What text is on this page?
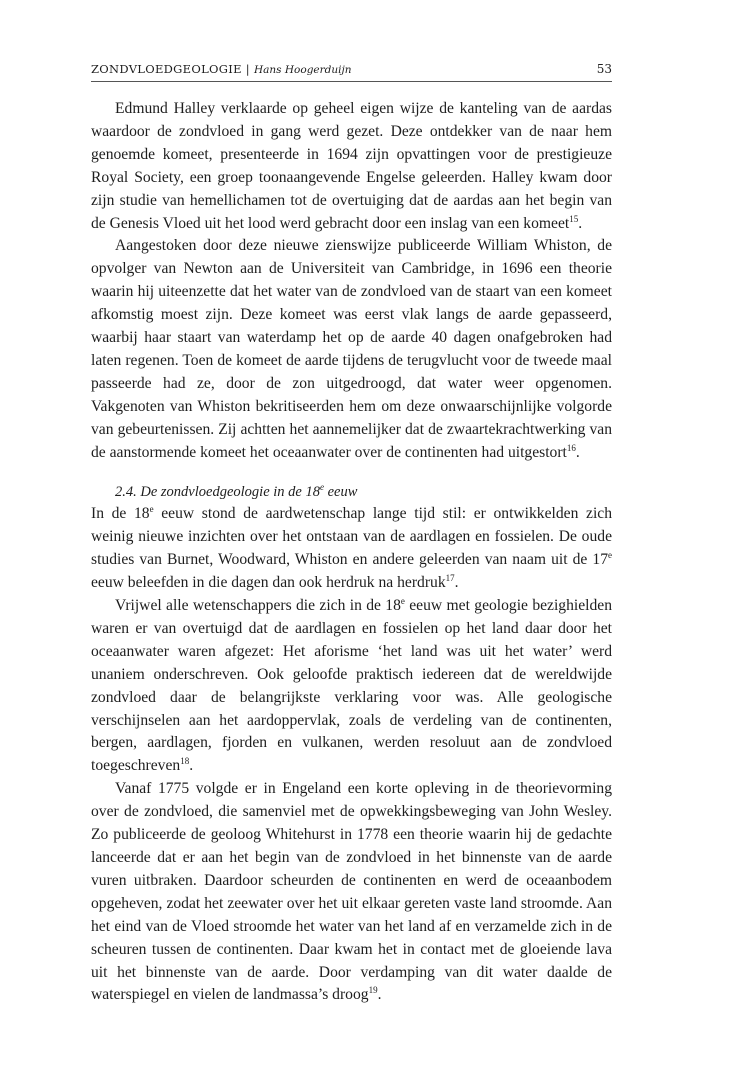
ZONDVLOEDGEOLOGIE | Hans Hoogerduijn	53

Edmund Halley verklaarde op geheel eigen wijze de kanteling van de aardas waardoor de zondvloed in gang werd gezet. Deze ontdekker van de naar hem genoemde komeet, presenteerde in 1694 zijn opvattingen voor de prestigieuze Royal Society, een groep toonaangevende Engelse geleerden. Halley kwam door zijn studie van hemellichamen tot de overtuiging dat de aardas aan het begin van de Genesis Vloed uit het lood werd gebracht door een inslag van een komeet$^{15}$.

Aangestoken door deze nieuwe zienswijze publiceerde William Whiston, de opvolger van Newton aan de Universiteit van Cambridge, in 1696 een theorie waarin hij uiteenzette dat het water van de zondvloed van de staart van een komeet afkomstig moest zijn. Deze komeet was eerst vlak langs de aarde gepasseerd, waarbij haar staart van waterdamp het op de aarde 40 dagen onafgebroken had laten regenen. Toen de komeet de aarde tijdens de terugvlucht voor de tweede maal passeerde had ze, door de zon uitgedroogd, dat water weer opgenomen. Vakgenoten van Whiston bekritiseerden hem om deze onwaarschijnlijke volgorde van gebeurtenissen. Zij achtten het aannemelijker dat de zwaartekrachtwerking van de aanstormende komeet het oceaanwater over de continenten had uitgestort$^{16}$.

2.4. De zondvloedgeologie in de 18e eeuw

In de 18e eeuw stond de aardwetenschap lange tijd stil: er ontwikkelden zich weinig nieuwe inzichten over het ontstaan van de aardlagen en fossielen. De oude studies van Burnet, Woodward, Whiston en andere geleerden van naam uit de 17e eeuw beleefden in die dagen dan ook herdruk na herdruk$^{17}$.

Vrijwel alle wetenschappers die zich in de 18e eeuw met geologie bezighielden waren er van overtuigd dat de aardlagen en fossielen op het land daar door het oceaanwater waren afgezet: Het aforisme ‘het land was uit het water’ werd unaniem onderschreven. Ook geloofde praktisch iedereen dat de wereldwijde zondvloed daar de belangrijkste verklaring voor was. Alle geologische verschijnselen aan het aardoppervlak, zoals de verdeling van de continenten, bergen, aardlagen, fjorden en vulkanen, werden resoluut aan de zondvloed toegeschreven$^{18}$.

Vanaf 1775 volgde er in Engeland een korte opleving in de theorievorming over de zondvloed, die samenviel met de opwekkingsbeweging van John Wesley. Zo publiceerde de geoloog Whitehurst in 1778 een theorie waarin hij de gedachte lanceerde dat er aan het begin van de zondvloed in het binnenste van de aarde vuren uitbraken. Daardoor scheurden de continenten en werd de oceaanbodem opgeheven, zodat het zeewater over het uit elkaar gereten vaste land stroomde. Aan het eind van de Vloed stroomde het water van het land af en verzamelde zich in de scheuren tussen de continenten. Daar kwam het in contact met de gloeiende lava uit het binnenste van de aarde. Door verdamping van dit water daalde de waterspiegel en vielen de landmassa’s droog$^{19}$.
